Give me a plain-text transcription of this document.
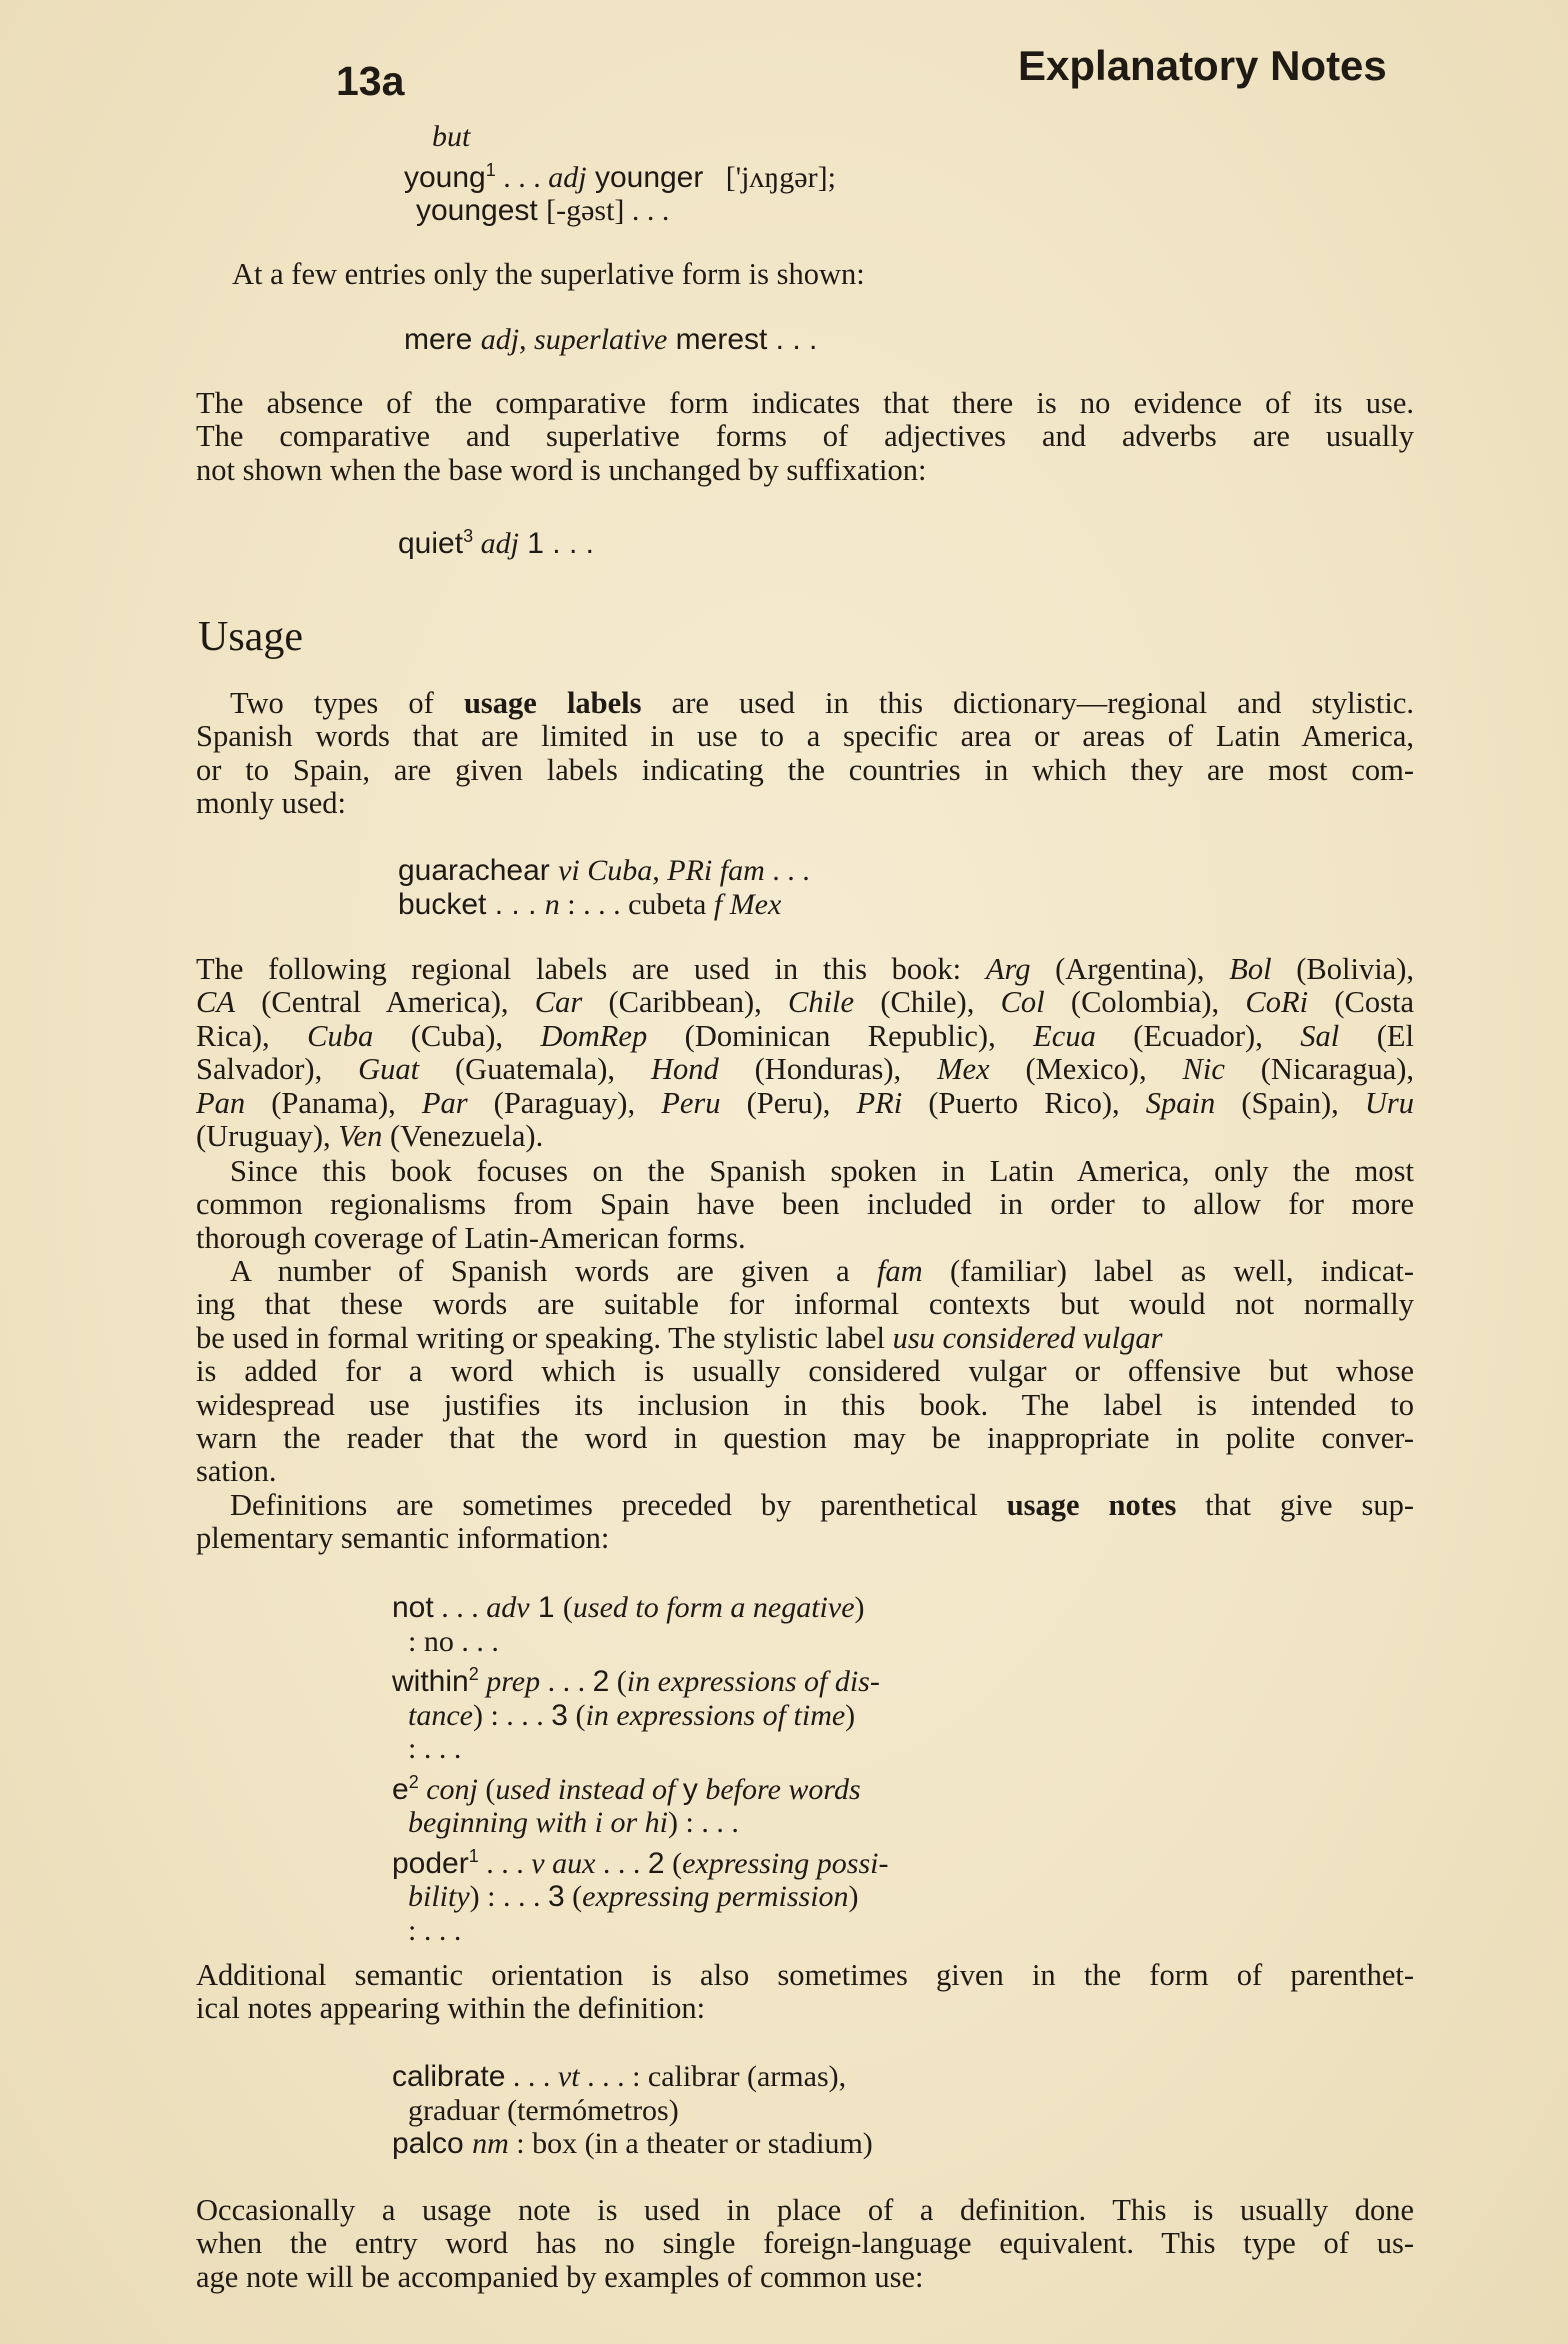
13a	Explanatory Notes
but
young$^1$ . . . adj younger ['jʌŋgər];
youngest [-gəst] . . .
At a few entries only the superlative form is shown:
mere adj, superlative merest . . .
The absence of the comparative form indicates that there is no evidence of its use.
The comparative and superlative forms of adjectives and adverbs are usually
not shown when the base word is unchanged by suffixation:
quiet$^3$ adj 1 . . .
Usage
Two types of usage labels are used in this dictionary—regional and stylistic.
Spanish words that are limited in use to a specific area or areas of Latin America,
or to Spain, are given labels indicating the countries in which they are most com-
monly used:
guarachear vi Cuba, PRi fam . . .
bucket . . . n : . . . cubeta f Mex
The following regional labels are used in this book: Arg (Argentina), Bol (Bolivia),
CA (Central America), Car (Caribbean), Chile (Chile), Col (Colombia), CoRi (Costa
Rica), Cuba (Cuba), DomRep (Dominican Republic), Ecua (Ecuador), Sal (El
Salvador), Guat (Guatemala), Hond (Honduras), Mex (Mexico), Nic (Nicaragua),
Pan (Panama), Par (Paraguay), Peru (Peru), PRi (Puerto Rico), Spain (Spain), Uru
(Uruguay), Ven (Venezuela).
Since this book focuses on the Spanish spoken in Latin America, only the most
common regionalisms from Spain have been included in order to allow for more
thorough coverage of Latin-American forms.
A number of Spanish words are given a fam (familiar) label as well, indicat-
ing that these words are suitable for informal contexts but would not normally
be used in formal writing or speaking. The stylistic label usu considered vulgar
is added for a word which is usually considered vulgar or offensive but whose
widespread use justifies its inclusion in this book. The label is intended to
warn the reader that the word in question may be inappropriate in polite conver-
sation.
Definitions are sometimes preceded by parenthetical usage notes that give sup-
plementary semantic information:
not . . . adv 1 (used to form a negative)
: no . . .
within$^2$ prep . . . 2 (in expressions of dis-
tance) : . . . 3 (in expressions of time)
: . . .
$e^2$ conj (used instead of y before words
beginning with i or hi) : . . .
poder$^1$ . . . v aux . . . 2 (expressing possi-
bility) : . . . 3 (expressing permission)
: . . .
Additional semantic orientation is also sometimes given in the form of parenthet-
ical notes appearing within the definition:
calibrate . . . vt . . . : calibrar (armas),
graduar (termómetros)
palco nm : box (in a theater or stadium)
Occasionally a usage note is used in place of a definition. This is usually done
when the entry word has no single foreign-language equivalent. This type of us-
age note will be accompanied by examples of common use:
